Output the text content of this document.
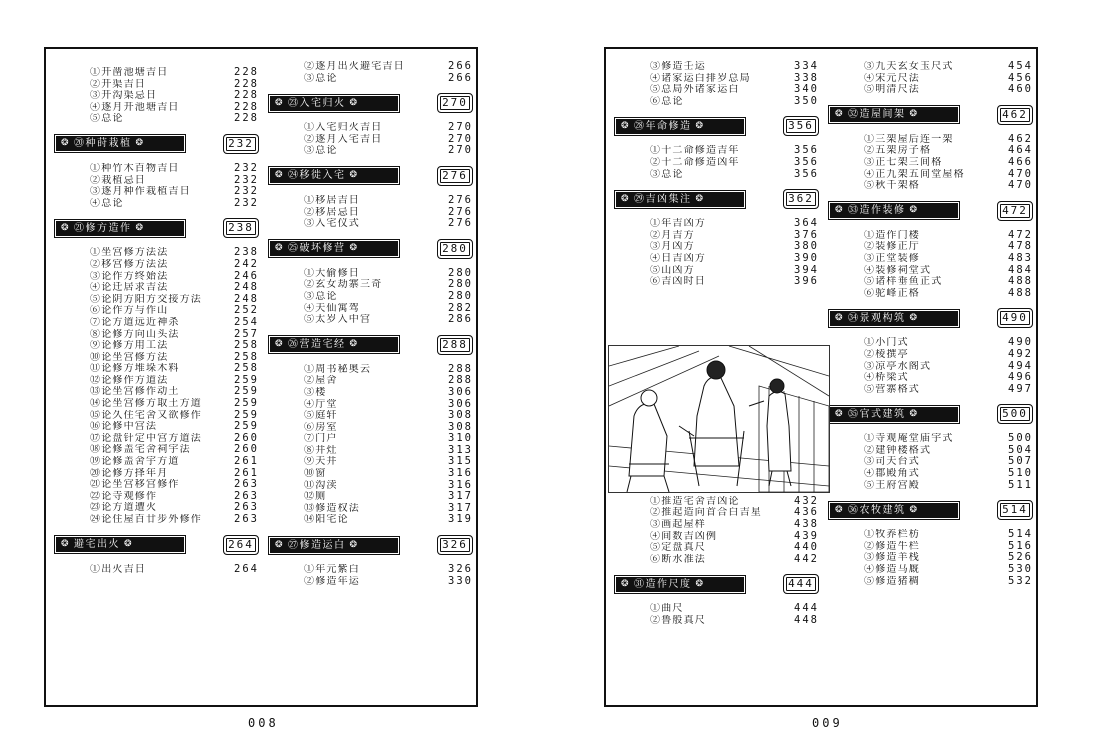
①开凿池塘吉日	228
②开渠吉日	228
③开沟渠忌日	228
④逐月开池塘吉日	228
⑤总论	228
❂ ⑳种莳栽植 ❂	232
①种竹木百物吉日	232
②栽植忌日	232
③逐月种作栽植吉日	232
④总论	232
❂ ㉑修方造作 ❂	238
①坐宫修方法法	238
②移宫修方法法	242
③论作方终始法	246
④论迁居求吉法	248
⑤论阴方阳方交接方法	248
⑥论作方与作山	252
⑦论方道远近神杀	254
⑧论修方向山头法	257
⑨论修方用工法	258
⑩论坐宫修方法	258
⑪论修方堆垛木料	258
⑫论修作方道法	259
⑬论坐宫修作动土	259
⑭论坐宫修方取土方道	259
⑮论久住宅舍又欲修作	259
⑯论修中宫法	259
⑰论盘针定中宫方道法	260
⑱论修盖宅舍祠宇法	260
⑲论修盖舍宇方道	261
⑳论修方择年月	261
㉑论坐宫移宫修作	263
㉒论寺观修作	263
㉓论方道遭火	263
㉔论住屋百廿步外修作	263
❂ 避宅出火 ❂	264
①出火吉日	264
②逐月出火避宅吉日	266
③总论	266
❂ ㉓入宅归火 ❂	270
①入宅归火吉日	270
②逐月入宅吉日	270
③总论	270
❂ ㉔移徙入宅 ❂	276
①移居吉日	276
②移居忌日	276
③入宅仪式	276
❂ ㉕破坏修营 ❂	280
①大偷修日	280
②玄女劫寨三奇	280
③总论	280
④天仙寓驾	282
⑤太岁入中宫	286
❂ ㉖营造宅经 ❂	288
①周书秘奥云	288
②屋舍	288
③楼	306
④厅堂	306
⑤庭轩	308
⑥房室	308
⑦门户	310
⑧井灶	313
⑨天井	315
⑩窗	316
⑪沟渎	316
⑫厕	317
⑬修造权法	317
⑭阳宅论	319
❂ ㉗修造运白 ❂	326
①年元紫白	326
②修造年运	330
008
③修造壬运	334
④诸家运白排岁总局	338
⑤总局外诸家运白	340
⑥总论	350
❂ ㉘年命修造 ❂	356
①十二命修造吉年	356
②十二命修造凶年	356
③总论	356
❂ ㉙吉凶集注 ❂	362
①年吉凶方	364
②月吉方	376
③月凶方	380
④日吉凶方	390
⑤山凶方	394
⑥吉凶时日	396
①推造宅舍吉凶论	432
②推起造向首合白吉星	436
③画起屋样	438
④间数吉凶例	439
⑤定盘真尺	440
⑥断水准法	442
❂ ㉛造作尺度 ❂	444
①曲尺	444
②鲁般真尺	448
③九天玄女玉尺式	454
④宋元尺法	456
⑤明清尺法	460
❂ ㉜造屋间架 ❂	462
①三架屋后连一架	462
②五架房子格	464
③正七架三间格	466
④正九架五间堂屋格	470
⑤秋千架格	470
❂ ㉝造作装修 ❂	472
①造作门楼	472
②装修正厅	478
③正堂装修	483
④装修祠堂式	484
⑤诸样垂鱼正式	488
⑥驼峰正格	488
❂ ㉞景观构筑 ❂	490
①小门式	490
②棱撰亭	492
③凉亭水阁式	494
④桥梁式	496
⑤营寨格式	497
❂ ㉟官式建筑 ❂	500
①寺观庵堂庙宇式	500
②建钟楼格式	504
③司天台式	507
④郡殿角式	510
⑤王府宫殿	511
❂ ㊱农牧建筑 ❂	514
①牧养栏枋	514
②修造牛栏	516
③修造羊栈	526
④修造马厩	530
⑤修造猪稠	532
009
